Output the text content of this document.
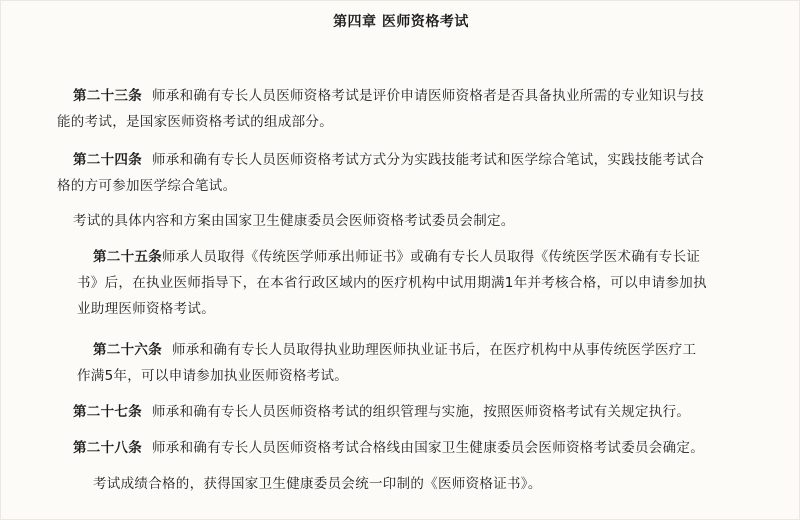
第四章 医师资格考试
第二十三条 师承和确有专长人员医师资格考试是评价申请医师资格者是否具备执业所需的专业知识与技
能的考试，是国家医师资格考试的组成部分。
第二十四条 师承和确有专长人员医师资格考试方式分为实践技能考试和医学综合笔试，实践技能考试合
格的方可参加医学综合笔试。
考试的具体内容和方案由国家卫生健康委员会医师资格考试委员会制定。
第二十五条师承人员取得《传统医学师承出师证书》或确有专长人员取得《传统医学医术确有专长证
书》后，在执业医师指导下，在本省行政区域内的医疗机构中试用期满1年并考核合格，可以申请参加执
业助理医师资格考试。
第二十六条 师承和确有专长人员取得执业助理医师执业证书后，在医疗机构中从事传统医学医疗工
作满5年，可以申请参加执业医师资格考试。
第二十七条 师承和确有专长人员医师资格考试的组织管理与实施，按照医师资格考试有关规定执行。
第二十八条 师承和确有专长人员医师资格考试合格线由国家卫生健康委员会医师资格考试委员会确定。
考试成绩合格的，获得国家卫生健康委员会统一印制的《医师资格证书》。
